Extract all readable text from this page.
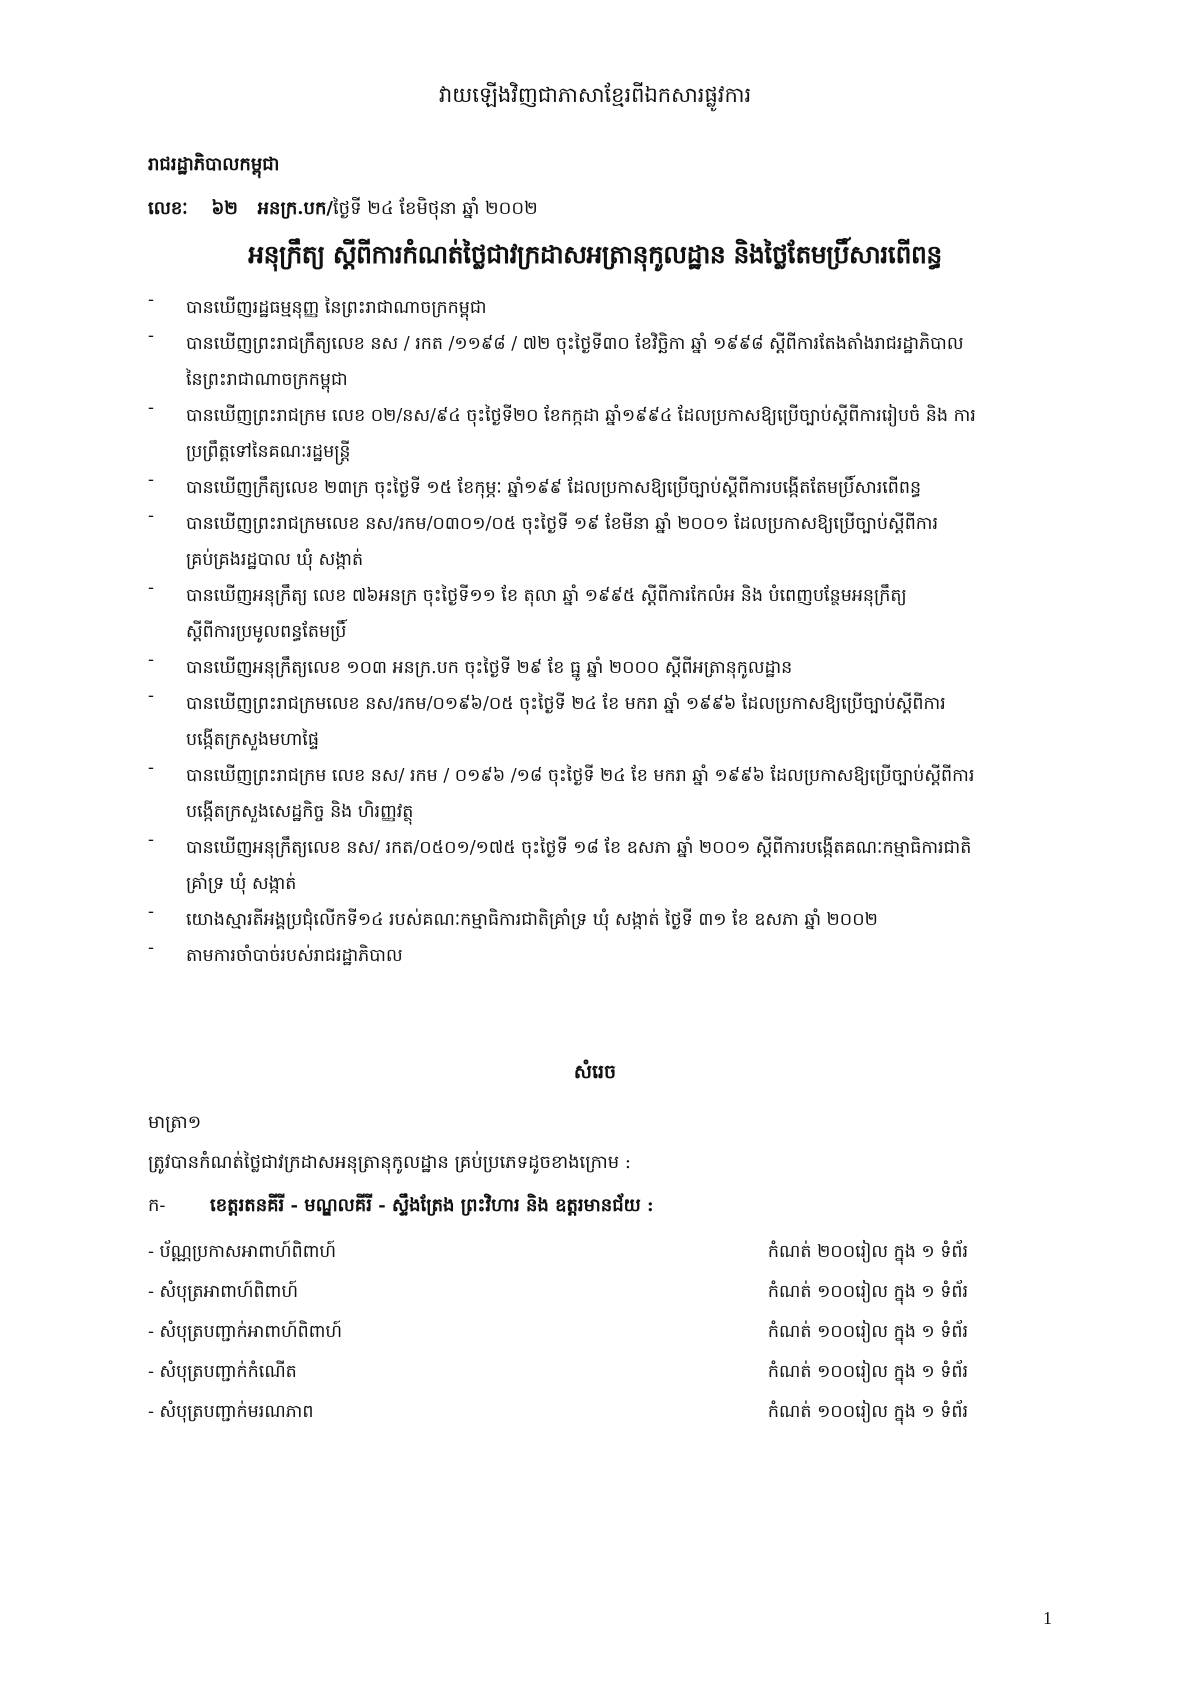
វាយឡើងវិញជាភាសាខ្មែរពីឯកសារផ្លូវការ
រាជរដ្ឋាភិបាលកម្ពុជា
លេខៈ ៦២ អនក្រ.បក/ថ្ងៃទី ២៤ ខែមិថុនា ឆ្នាំ ២០០២
អនុក្រឹត្យ ស្តីពីការកំណត់ថ្លៃជាវក្រដាសអត្រានុកូលដ្ឋាន និងថ្លៃតែមប្រិ៍សារពើពន្ធ
-	បានឃើញរដ្ឋធម្មនុញ្ញ នៃព្រះរាជាណាចក្រកម្ពុជា
-	បានឃើញព្រះរាជក្រឹត្យលេខ នស / រកត /១១៩៨ / ៧២ ចុះថ្ងៃទី៣០ ខែវិច្ឆិកា ឆ្នាំ ១៩៩៨ ស្តីពីការតែងតាំងរាជរដ្ឋាភិបាល
នៃព្រះរាជាណាចក្រកម្ពុជា
-	បានឃើញព្រះរាជក្រម លេខ ០២/នស/៩៤ ចុះថ្ងៃទី២០ ខែកក្កដា ឆ្នាំ១៩៩៤ ដែលប្រកាសឱ្យប្រើច្បាប់ស្តីពីការរៀបចំ និង ការ
ប្រព្រឹត្តទៅនៃគណៈរដ្ឋមន្ត្រី
-	បានឃើញក្រឹត្យលេខ ២៣ក្រ ចុះថ្ងៃទី ១៥ ខែកុម្ភៈ ឆ្នាំ១៩៩ ដែលប្រកាសឱ្យប្រើច្បាប់ស្តីពីការបង្កើតតែមប្រិ៍សារពើពន្ធ
-	បានឃើញព្រះរាជក្រមលេខ នស/រកម/០៣០១/០៥ ចុះថ្ងៃទី ១៩ ខែមីនា ឆ្នាំ ២០០១ ដែលប្រកាសឱ្យប្រើច្បាប់ស្តីពីការ
គ្រប់គ្រងរដ្ឋបាល ឃុំ សង្កាត់
-	បានឃើញអនុក្រឹត្យ លេខ ៧៦អនក្រ ចុះថ្ងៃទី១១ ខែ តុលា ឆ្នាំ ១៩៩៥ ស្តីពីការកែលំអ និង បំពេញបន្ថែមអនុក្រឹត្យ
ស្តីពីការប្រមូលពន្ធតែមប្រិ៍
-	បានឃើញអនុក្រឹត្យលេខ ១០៣ អនក្រ.បក ចុះថ្ងៃទី ២៩ ខែ ធ្នូ ឆ្នាំ ២០០០ ស្តីពីអត្រានុកូលដ្ឋាន
-	បានឃើញព្រះរាជក្រមលេខ នស/រកម/០១៩៦/០៥ ចុះថ្ងៃទី ២៤ ខែ មករា ឆ្នាំ ១៩៩៦ ដែលប្រកាសឱ្យប្រើច្បាប់ស្តីពីការ
បង្កើតក្រសួងមហាផ្ទៃ
-	បានឃើញព្រះរាជក្រម លេខ នស/ រកម / ០១៩៦ /១៨ ចុះថ្ងៃទី ២៤ ខែ មករា ឆ្នាំ ១៩៩៦ ដែលប្រកាសឱ្យប្រើច្បាប់ស្តីពីការ
បង្កើតក្រសួងសេដ្ឋកិច្ច និង ហិរញ្ញវត្ថុ
-	បានឃើញអនុក្រឹត្យលេខ នស/ រកត/០៥០១/១៧៥ ចុះថ្ងៃទី ១៨ ខែ ឧសភា ឆ្នាំ ២០០១ ស្តីពីការបង្កើតគណៈកម្មាធិការជាតិ
គ្រាំទ្រ ឃុំ សង្កាត់
-	យោងស្មារតីអង្គប្រជុំលើកទី១៤ របស់គណៈកម្មាធិការជាតិគ្រាំទ្រ ឃុំ សង្កាត់ ថ្ងៃទី ៣១ ខែ ឧសភា ឆ្នាំ ២០០២
-	តាមការចាំបាច់របស់រាជរដ្ឋាភិបាល
សំរេច
មាត្រា១
ត្រូវបានកំណត់ថ្លៃជាវក្រដាសអនុត្រានុកូលដ្ឋាន គ្រប់ប្រភេទដូចខាងក្រោម :
ក- ខេត្តរតនគីរី - មណ្ឌលគីរី - ស្ទឹងត្រែង ព្រះវិហារ និង ឧត្តរមានជ័យ :
- ប័ណ្ណប្រកាសអាពាហ៍ពិពាហ៍	កំណត់ ២០០រៀល ក្នុង ១ ទំព័រ
- សំបុត្រអាពាហ៍ពិពាហ៍	កំណត់ ១០០រៀល ក្នុង ១ ទំព័រ
- សំបុត្របញ្ជាក់អាពាហ៍ពិពាហ៍	កំណត់ ១០០រៀល ក្នុង ១ ទំព័រ
- សំបុត្របញ្ជាក់កំណើត	កំណត់ ១០០រៀល ក្នុង ១ ទំព័រ
- សំបុត្របញ្ជាក់មរណភាព	កំណត់ ១០០រៀល ក្នុង ១ ទំព័រ
1
